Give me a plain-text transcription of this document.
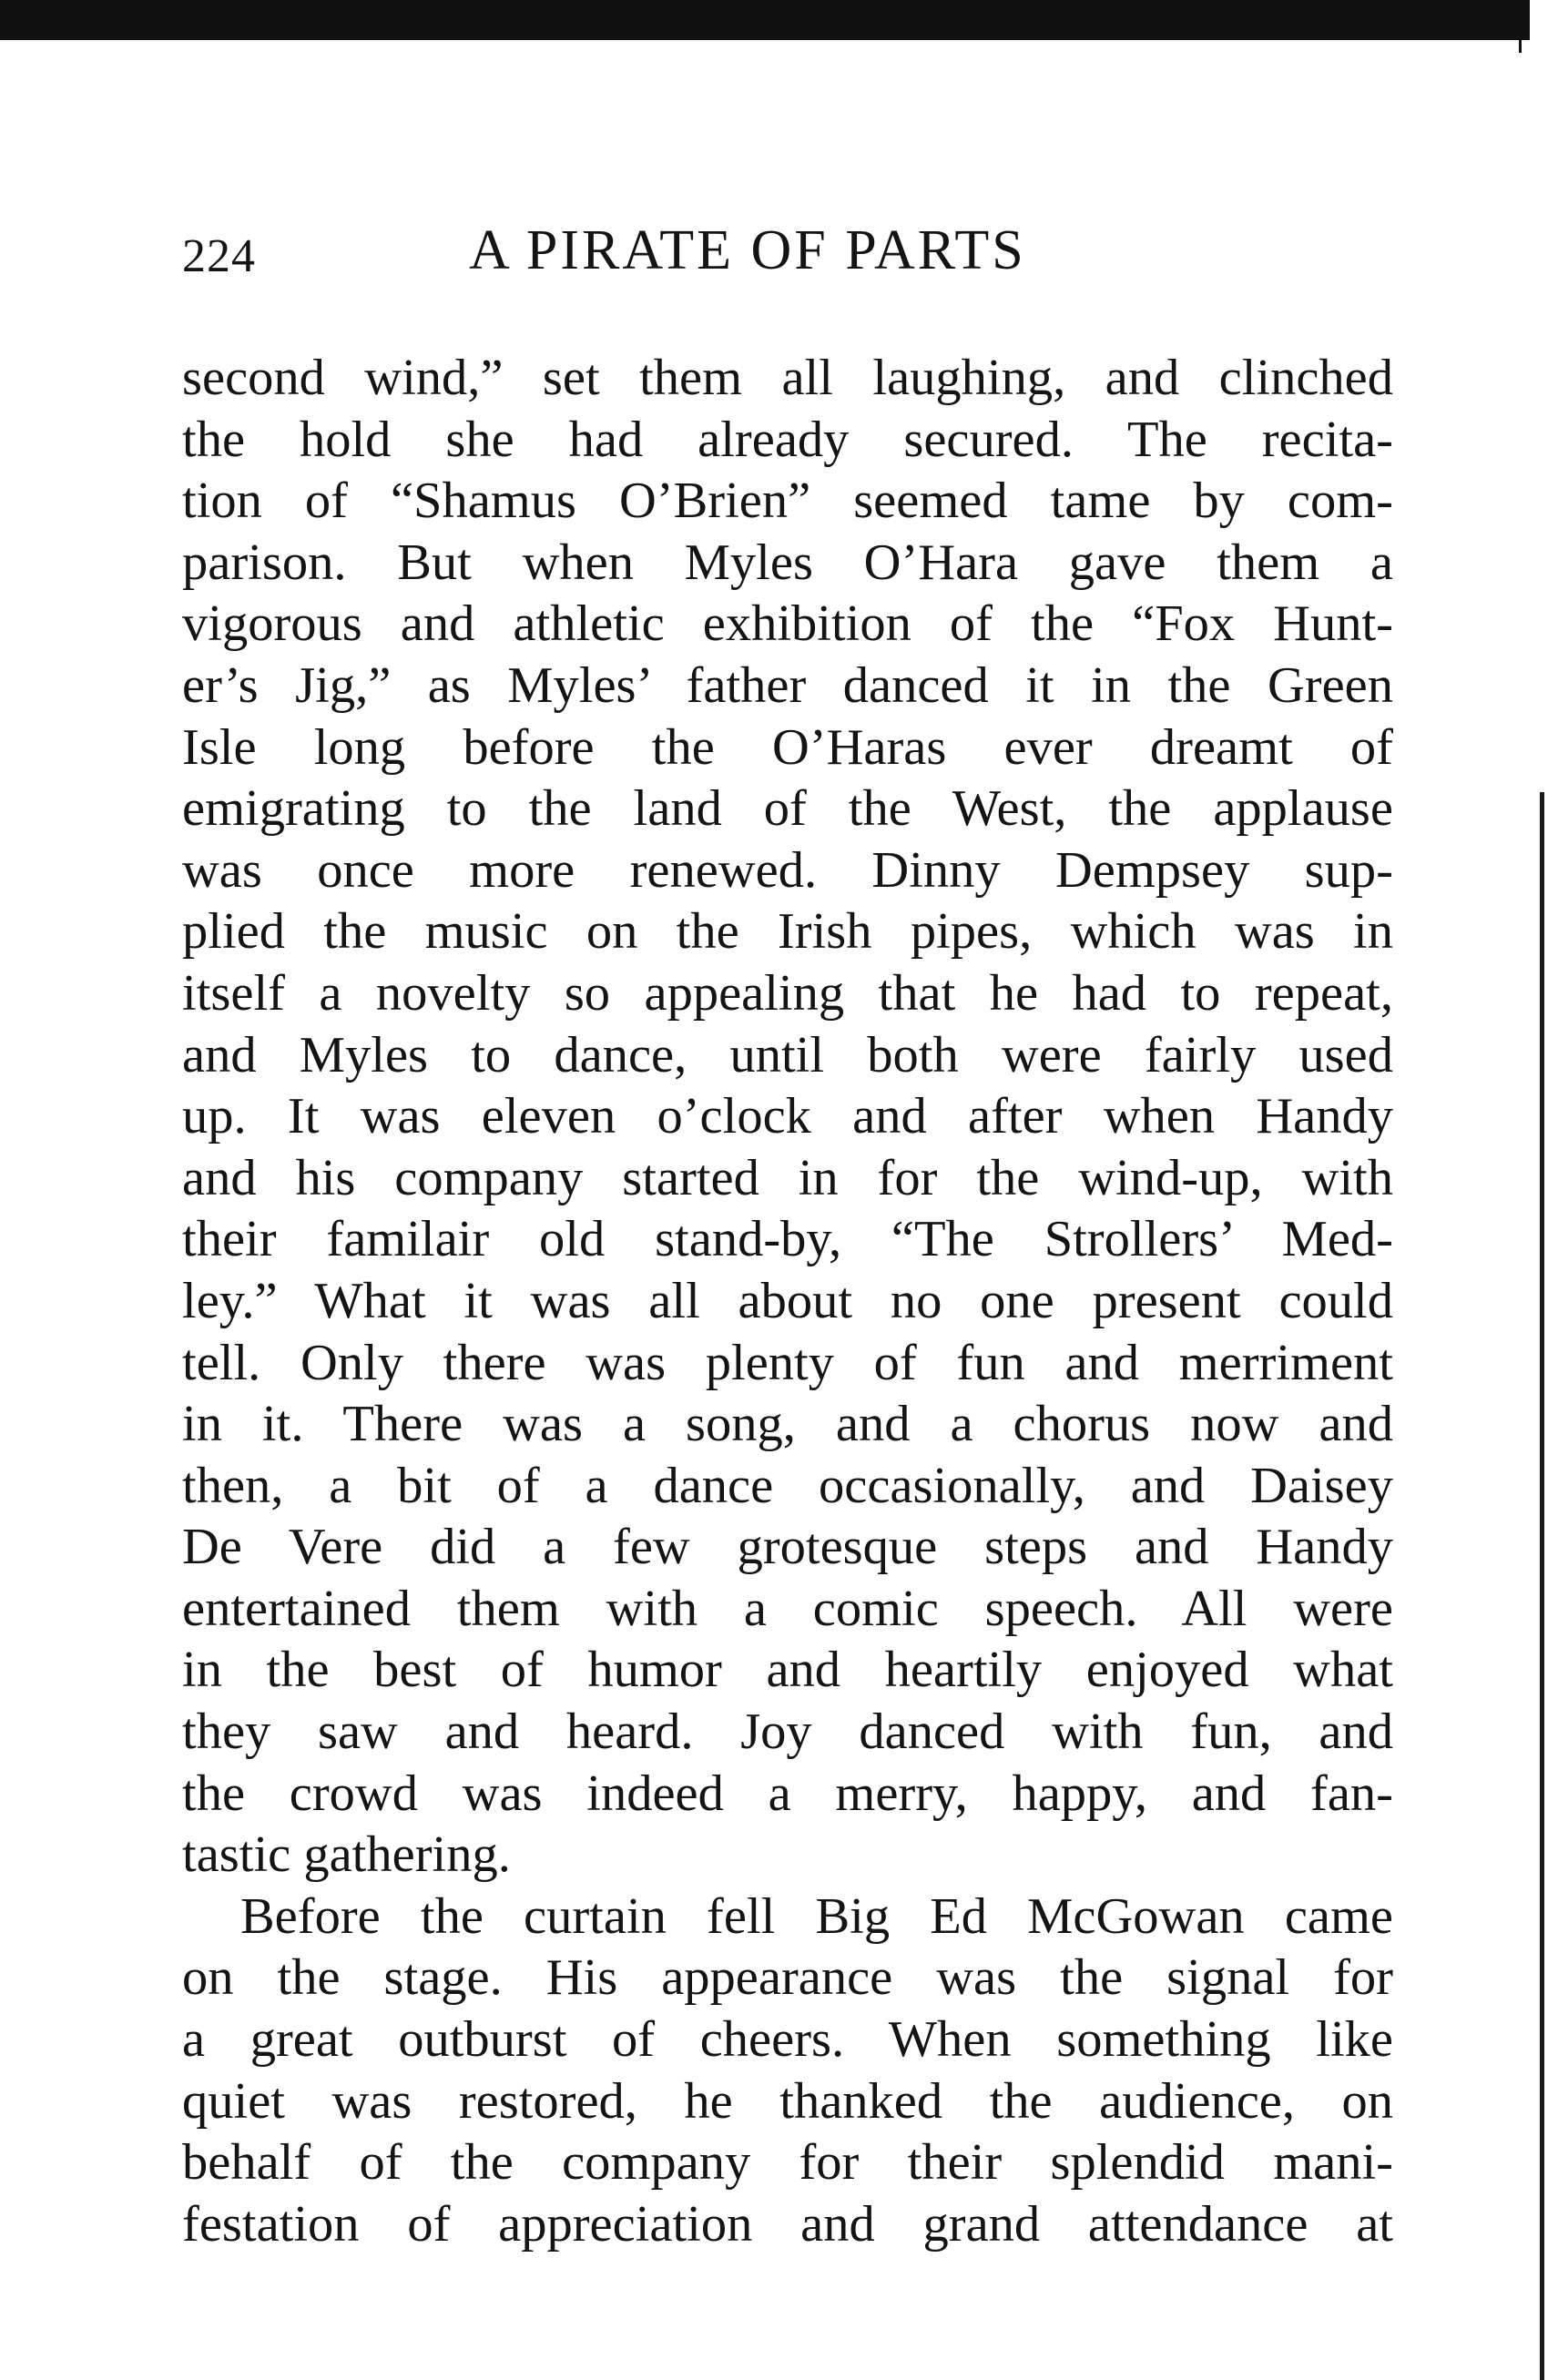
224	A PIRATE OF PARTS
second wind,” set them all laughing, and clinched
the hold she had already secured. The recita-
tion of “Shamus O’Brien” seemed tame by com-
parison. But when Myles O’Hara gave them a
vigorous and athletic exhibition of the “Fox Hunt-
er’s Jig,” as Myles’ father danced it in the Green
Isle long before the O’Haras ever dreamt of
emigrating to the land of the West, the applause
was once more renewed. Dinny Dempsey sup-
plied the music on the Irish pipes, which was in
itself a novelty so appealing that he had to repeat,
and Myles to dance, until both were fairly used
up. It was eleven o’clock and after when Handy
and his company started in for the wind-up, with
their familair old stand-by, “The Strollers’ Med-
ley.” What it was all about no one present could
tell. Only there was plenty of fun and merriment
in it. There was a song, and a chorus now and
then, a bit of a dance occasionally, and Daisey
De Vere did a few grotesque steps and Handy
entertained them with a comic speech. All were
in the best of humor and heartily enjoyed what
they saw and heard. Joy danced with fun, and
the crowd was indeed a merry, happy, and fan-
tastic gathering.
Before the curtain fell Big Ed McGowan came
on the stage. His appearance was the signal for
a great outburst of cheers. When something like
quiet was restored, he thanked the audience, on
behalf of the company for their splendid mani-
festation of appreciation and grand attendance at
